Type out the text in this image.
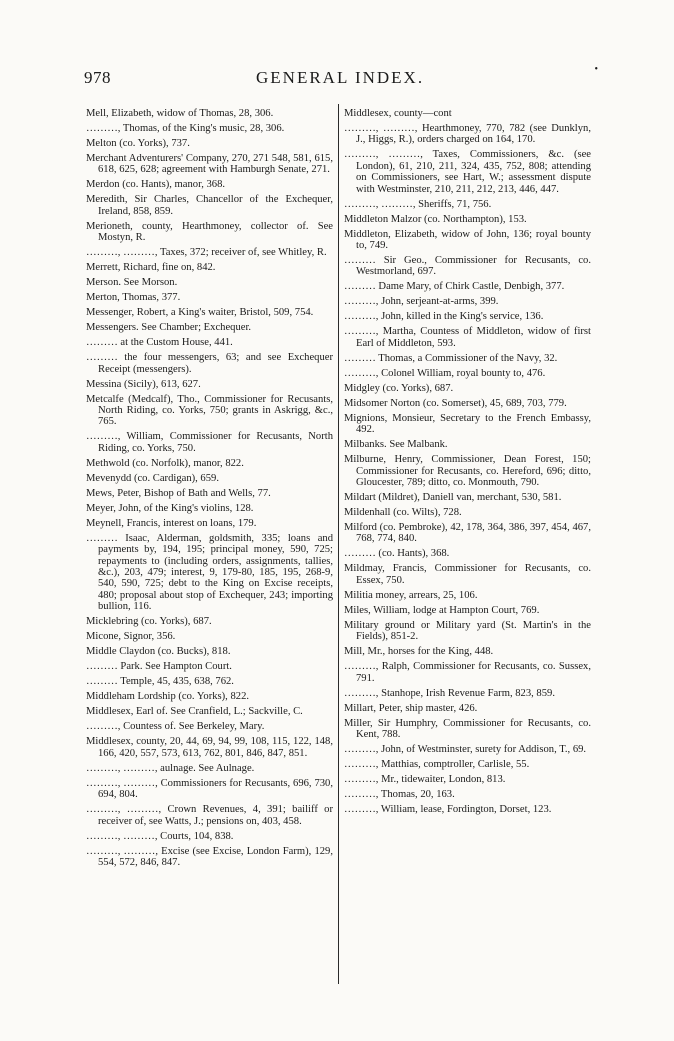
978	GENERAL INDEX.	•

Mell, Elizabeth, widow of Thomas, 28, 306.

………, Thomas, of the King's music, 28, 306.

Melton (co. Yorks), 737.

Merchant Adventurers' Company, 270, 271 548, 581, 615, 618, 625, 628; agreement with Hamburgh Senate, 271.

Merdon (co. Hants), manor, 368.

Meredith, Sir Charles, Chancellor of the Exchequer, Ireland, 858, 859.

Merioneth, county, Hearthmoney, collector of. See Mostyn, R.

………, ………, Taxes, 372; receiver of, see Whitley, R.

Merrett, Richard, fine on, 842.

Merson. See Morson.

Merton, Thomas, 377.

Messenger, Robert, a King's waiter, Bristol, 509, 754.

Messengers. See Chamber; Exchequer.

……… at the Custom House, 441.

……… the four messengers, 63; and see Exchequer Receipt (messengers).

Messina (Sicily), 613, 627.

Metcalfe (Medcalf), Tho., Commissioner for Recusants, North Riding, co. Yorks, 750; grants in Askrigg, &c., 765.

………, William, Commissioner for Recusants, North Riding, co. Yorks, 750.

Methwold (co. Norfolk), manor, 822.

Mevenydd (co. Cardigan), 659.

Mews, Peter, Bishop of Bath and Wells, 77.

Meyer, John, of the King's violins, 128.

Meynell, Francis, interest on loans, 179.

……… Isaac, Alderman, goldsmith, 335; loans and payments by, 194, 195; principal money, 590, 725; repayments to (including orders, assignments, tallies, &c.), 203, 479; interest, 9, 179-80, 185, 195, 268-9, 540, 590, 725; debt to the King on Excise receipts, 480; proposal about stop of Exchequer, 243; importing bullion, 116.

Micklebring (co. Yorks), 687.

Micone, Signor, 356.

Middle Claydon (co. Bucks), 818.

……… Park. See Hampton Court.

……… Temple, 45, 435, 638, 762.

Middleham Lordship (co. Yorks), 822.

Middlesex, Earl of. See Cranfield, L.; Sackville, C.

………, Countess of. See Berkeley, Mary.

Middlesex, county, 20, 44, 69, 94, 99, 108, 115, 122, 148, 166, 420, 557, 573, 613, 762, 801, 846, 847, 851.

………, ………, aulnage. See Aulnage.

………, ………, Commissioners for Recusants, 696, 730, 694, 804.

………, ………, Crown Revenues, 4, 391; bailiff or receiver of, see Watts, J.; pensions on, 403, 458.

………, ………, Courts, 104, 838.

………, ………, Excise (see Excise, London Farm), 129, 554, 572, 846, 847.

Middlesex, county—cont

………, ………, Hearthmoney, 770, 782 (see Dunklyn, J., Higgs, R.), orders charged on 164, 170.

………, ………, Taxes, Commissioners, &c. (see London), 61, 210, 211, 324, 435, 752, 808; attending on Commissioners, see Hart, W.; assessment dispute with Westminster, 210, 211, 212, 213, 446, 447.

………, ………, Sheriffs, 71, 756.

Middleton Malzor (co. Northampton), 153.

Middleton, Elizabeth, widow of John, 136; royal bounty to, 749.

……… Sir Geo., Commissioner for Recusants, co. Westmorland, 697.

……… Dame Mary, of Chirk Castle, Denbigh, 377.

………, John, serjeant-at-arms, 399.

………, John, killed in the King's service, 136.

………, Martha, Countess of Middleton, widow of first Earl of Middleton, 593.

……… Thomas, a Commissioner of the Navy, 32.

………, Colonel William, royal bounty to, 476.

Midgley (co. Yorks), 687.

Midsomer Norton (co. Somerset), 45, 689, 703, 779.

Mignions, Monsieur, Secretary to the French Embassy, 492.

Milbanks. See Malbank.

Milburne, Henry, Commissioner, Dean Forest, 150; Commissioner for Recusants, co. Hereford, 696; ditto, Gloucester, 789; ditto, co. Monmouth, 790.

Mildart (Mildret), Daniell van, merchant, 530, 581.

Mildenhall (co. Wilts), 728.

Milford (co. Pembroke), 42, 178, 364, 386, 397, 454, 467, 768, 774, 840.

……… (co. Hants), 368.

Mildmay, Francis, Commissioner for Recusants, co. Essex, 750.

Militia money, arrears, 25, 106.

Miles, William, lodge at Hampton Court, 769.

Military ground or Military yard (St. Martin's in the Fields), 851-2.

Mill, Mr., horses for the King, 448.

………, Ralph, Commissioner for Recusants, co. Sussex, 791.

………, Stanhope, Irish Revenue Farm, 823, 859.

Millart, Peter, ship master, 426.

Miller, Sir Humphry, Commissioner for Recusants, co. Kent, 788.

………, John, of Westminster, surety for Addison, T., 69.

………, Matthias, comptroller, Carlisle, 55.

………, Mr., tidewaiter, London, 813.

………, Thomas, 20, 163.

………, William, lease, Fordington, Dorset, 123.
